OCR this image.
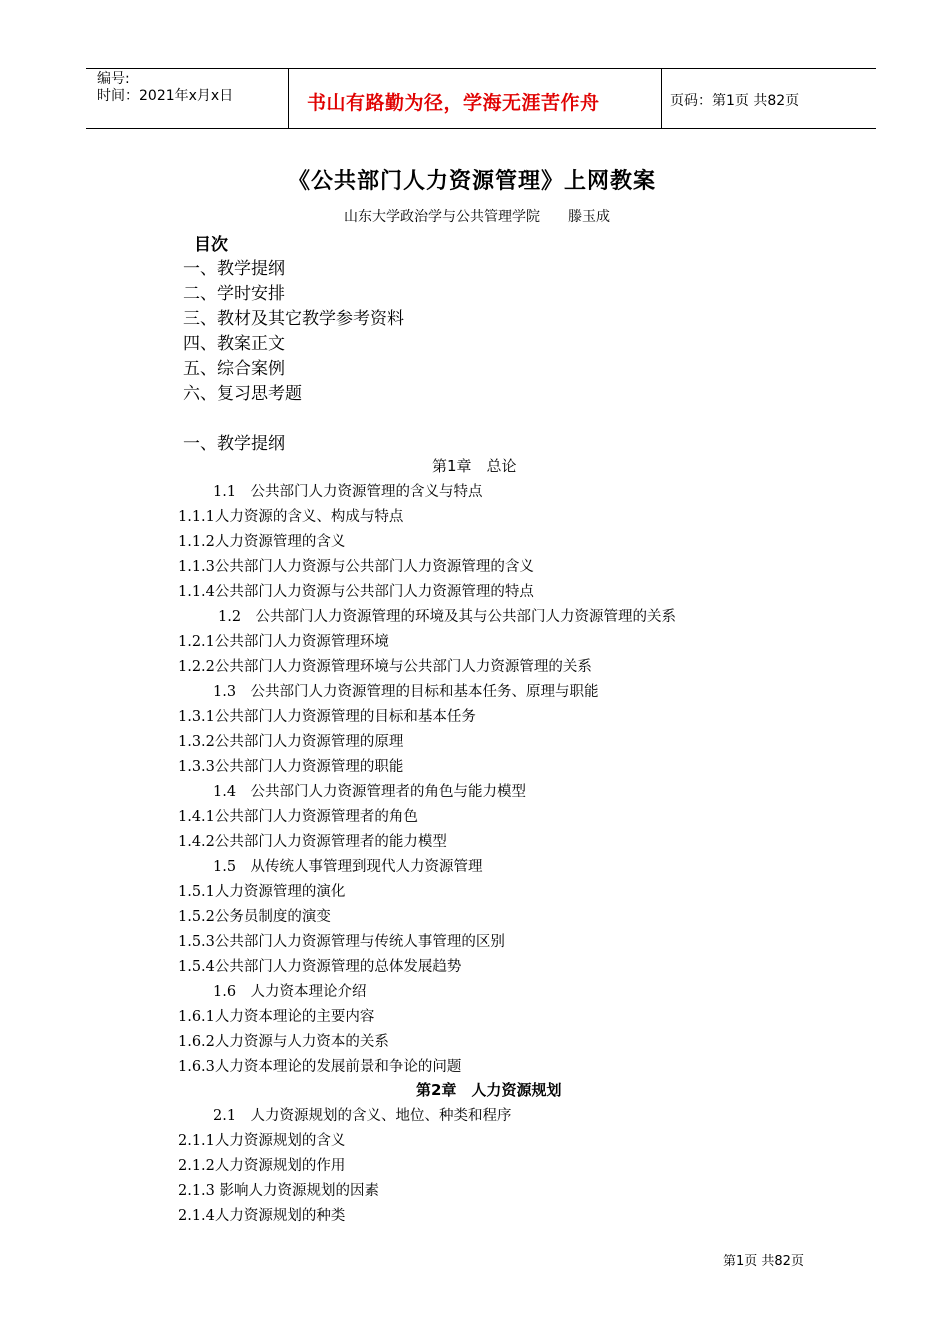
编号:
时间：2021年x月x日	书山有路勤为径，学海无涯苦作舟	页码：第1页 共82页
《公共部门人力资源管理》上网教案
山东大学政治学与公共管理学院　　滕玉成
目次
一、教学提纲
二、学时安排
三、教材及其它教学参考资料
四、教案正文
五、综合案例
六、复习思考题
一、教学提纲
第1章　总论
1.1　公共部门人力资源管理的含义与特点
1.1.1人力资源的含义、构成与特点
1.1.2人力资源管理的含义
1.1.3公共部门人力资源与公共部门人力资源管理的含义
1.1.4公共部门人力资源与公共部门人力资源管理的特点
1.2　公共部门人力资源管理的环境及其与公共部门人力资源管理的关系
1.2.1公共部门人力资源管理环境
1.2.2公共部门人力资源管理环境与公共部门人力资源管理的关系
1.3　公共部门人力资源管理的目标和基本任务、原理与职能
1.3.1公共部门人力资源管理的目标和基本任务
1.3.2公共部门人力资源管理的原理
1.3.3公共部门人力资源管理的职能
1.4　公共部门人力资源管理者的角色与能力模型
1.4.1公共部门人力资源管理者的角色
1.4.2公共部门人力资源管理者的能力模型
1.5　从传统人事管理到现代人力资源管理
1.5.1人力资源管理的演化
1.5.2公务员制度的演变
1.5.3公共部门人力资源管理与传统人事管理的区别
1.5.4公共部门人力资源管理的总体发展趋势
1.6　人力资本理论介绍
1.6.1人力资本理论的主要内容
1.6.2人力资源与人力资本的关系
1.6.3人力资本理论的发展前景和争论的问题
第2章　人力资源规划
2.1　人力资源规划的含义、地位、种类和程序
2.1.1人力资源规划的含义
2.1.2人力资源规划的作用
2.1.3 影响人力资源规划的因素
2.1.4人力资源规划的种类
第1页 共82页
